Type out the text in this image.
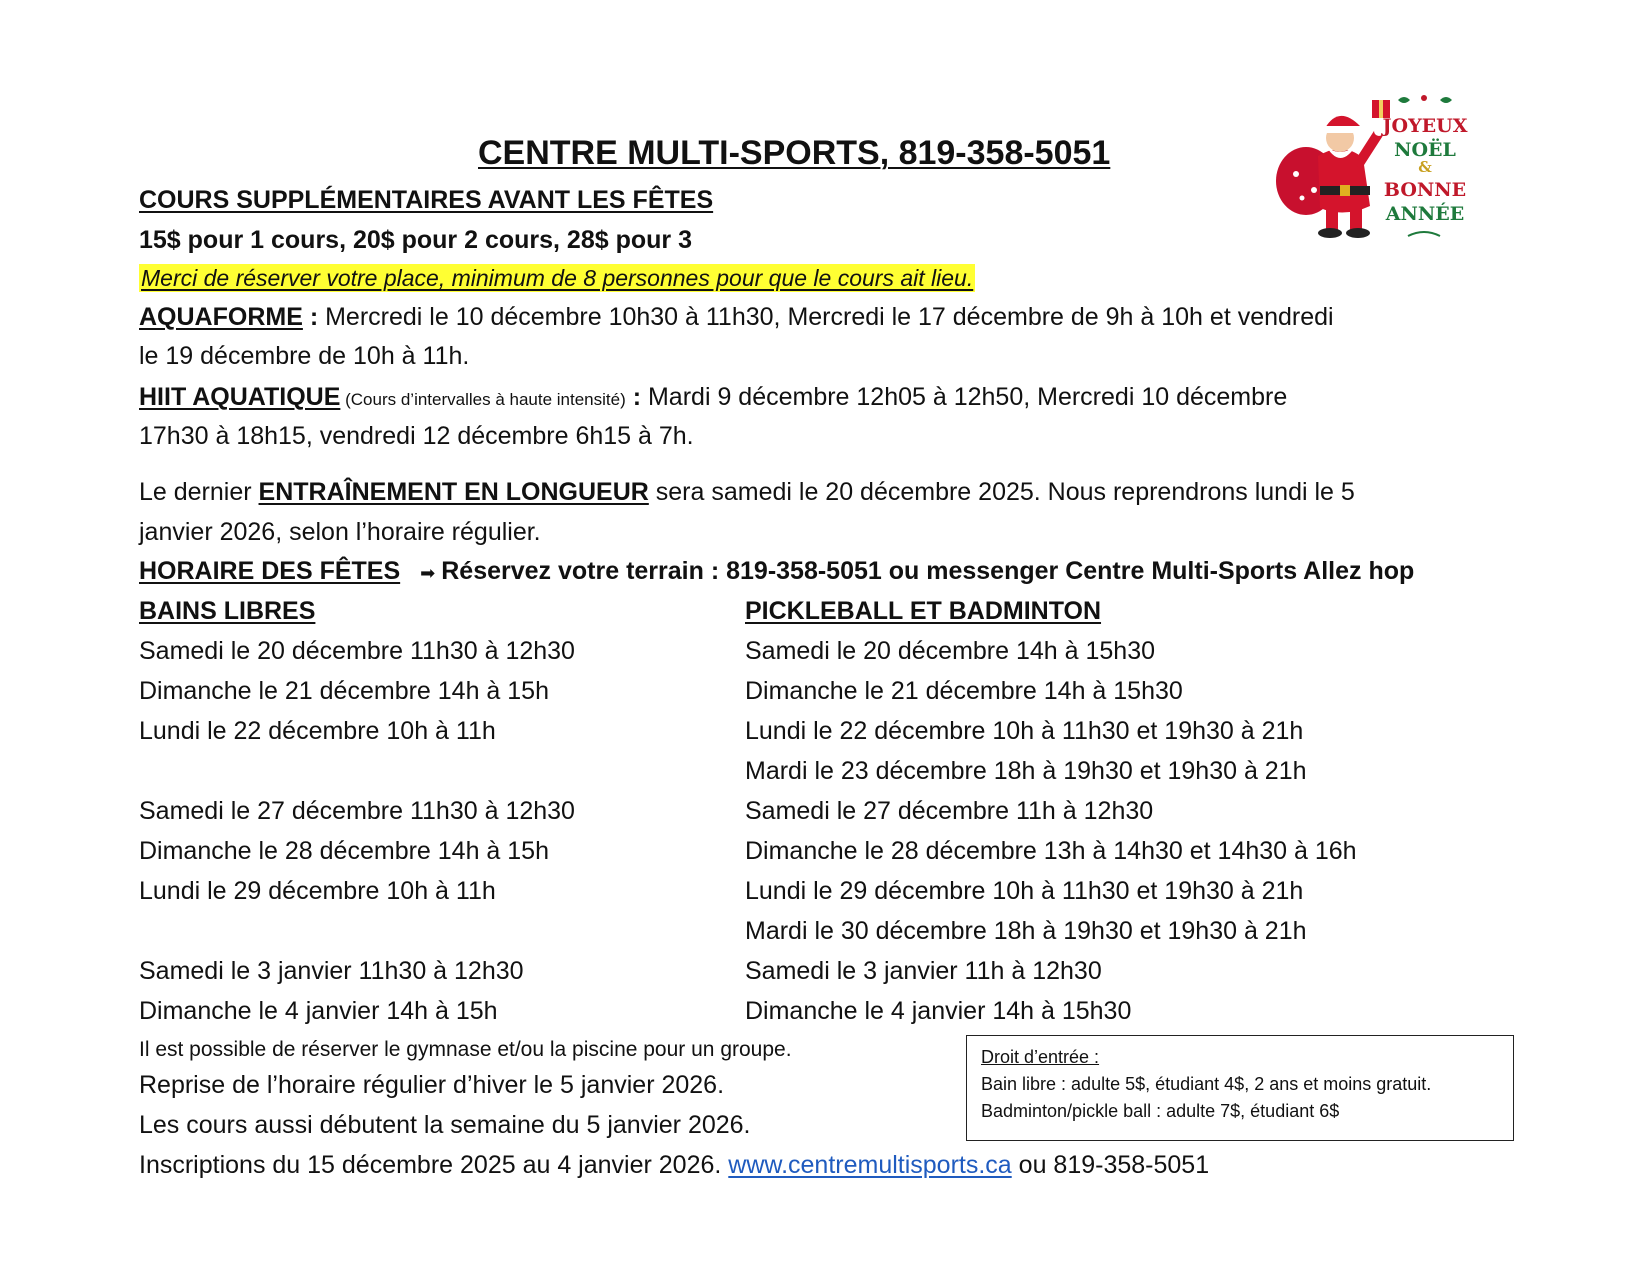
CENTRE MULTI-SPORTS, 819-358-5051
JOYEUX
NOËL
&
BONNE
ANNÉE
COURS SUPPLÉMENTAIRES AVANT LES FÊTES
15$ pour 1 cours, 20$ pour 2 cours, 28$ pour 3
Merci de réserver votre place, minimum de 8 personnes pour que le cours ait lieu.
AQUAFORME : Mercredi le 10 décembre 10h30 à 11h30, Mercredi le 17 décembre de 9h à 10h et vendredi
le 19 décembre de 10h à 11h.
HIIT AQUATIQUE (Cours d’intervalles à haute intensité) : Mardi 9 décembre 12h05 à 12h50, Mercredi 10 décembre
17h30 à 18h15, vendredi 12 décembre 6h15 à 7h.
Le dernier ENTRAÎNEMENT EN LONGUEUR sera samedi le 20 décembre 2025. Nous reprendrons lundi le 5
janvier 2026, selon l’horaire régulier.
HORAIRE DES FÊTES ➡ Réservez votre terrain : 819-358-5051 ou messenger Centre Multi-Sports Allez hop
BAINS LIBRES	PICKLEBALL ET BADMINTON
Samedi le 20 décembre 11h30 à 12h30
Dimanche le 21 décembre 14h à 15h
Lundi le 22 décembre 10h à 11h
Samedi le 27 décembre 11h30 à 12h30
Dimanche le 28 décembre 14h à 15h
Lundi le 29 décembre 10h à 11h
Samedi le 3 janvier 11h30 à 12h30
Dimanche le 4 janvier 14h à 15h
Samedi le 20 décembre 14h à 15h30
Dimanche le 21 décembre 14h à 15h30
Lundi le 22 décembre 10h à 11h30 et 19h30 à 21h
Mardi le 23 décembre 18h à 19h30 et 19h30 à 21h
Samedi le 27 décembre 11h à 12h30
Dimanche le 28 décembre 13h à 14h30 et 14h30 à 16h
Lundi le 29 décembre 10h à 11h30 et 19h30 à 21h
Mardi le 30 décembre 18h à 19h30 et 19h30 à 21h
Samedi le 3 janvier 11h à 12h30
Dimanche le 4 janvier 14h à 15h30
Il est possible de réserver le gymnase et/ou la piscine pour un groupe.
Reprise de l’horaire régulier d’hiver le 5 janvier 2026.
Les cours aussi débutent la semaine du 5 janvier 2026.
Inscriptions du 15 décembre 2025 au 4 janvier 2026. www.centremultisports.ca ou 819-358-5051
Droit d’entrée :
Bain libre : adulte 5$, étudiant 4$, 2 ans et moins gratuit.
Badminton/pickle ball : adulte 7$, étudiant 6$
